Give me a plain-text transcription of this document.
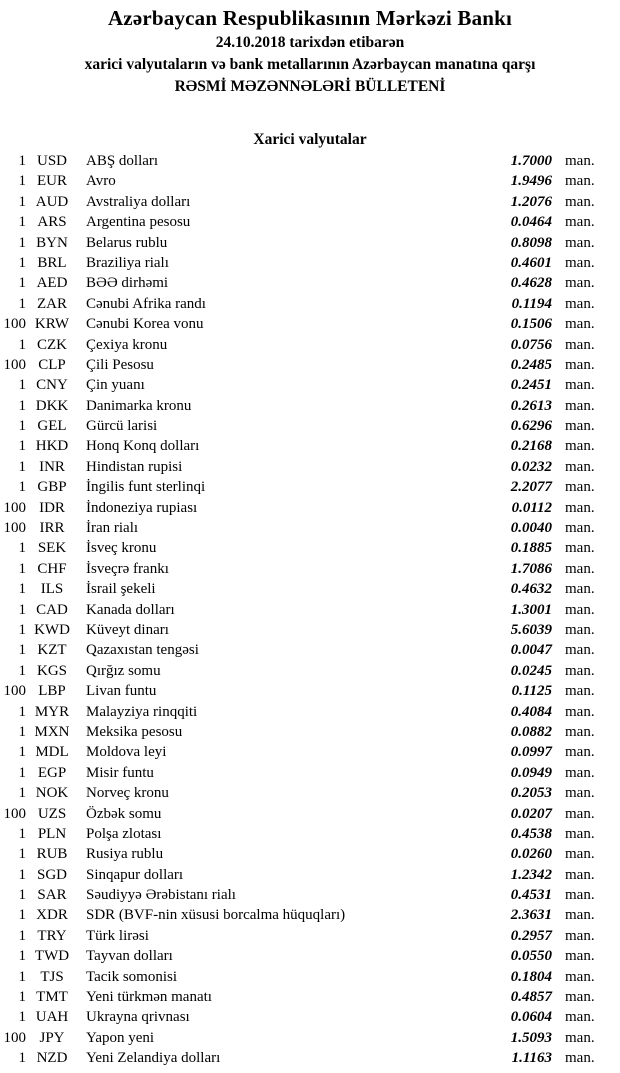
Azərbaycan Respublikasının Mərkəzi Bankı
24.10.2018 tarixdən etibarən
xarici valyutaların və bank metallarının Azərbaycan manatına qarşı
RƏSMİ MƏZƏNNƏLƏRİ BÜLLETENİ
Xarici valyutalar
1 USD	ABŞ dolları	1.7000 man.
1 EUR	Avro	1.9496 man.
1 AUD	Avstraliya dolları	1.2076 man.
1 ARS	Argentina pesosu	0.0464 man.
1 BYN	Belarus rublu	0.8098 man.
1 BRL	Braziliya rialı	0.4601 man.
1 AED	BƏƏ dirhəmi	0.4628 man.
1 ZAR	Cənubi Afrika randı	0.1194 man.
100 KRW	Cənubi Korea vonu	0.1506 man.
1 CZK	Çexiya kronu	0.0756 man.
100 CLP	Çili Pesosu	0.2485 man.
1 CNY	Çin yuanı	0.2451 man.
1 DKK	Danimarka kronu	0.2613 man.
1 GEL	Gürcü larisi	0.6296 man.
1 HKD	Honq Konq dolları	0.2168 man.
1 INR	Hindistan rupisi	0.0232 man.
1 GBP	İngilis funt sterlinqi	2.2077 man.
100 IDR	İndoneziya rupiası	0.0112 man.
100 IRR	İran rialı	0.0040 man.
1 SEK	İsveç kronu	0.1885 man.
1 CHF	İsveçrə frankı	1.7086 man.
1 ILS	İsrail şekeli	0.4632 man.
1 CAD	Kanada dolları	1.3001 man.
1 KWD	Küveyt dinarı	5.6039 man.
1 KZT	Qazaxıstan tengəsi	0.0047 man.
1 KGS	Qırğız somu	0.0245 man.
100 LBP	Livan funtu	0.1125 man.
1 MYR	Malayziya rinqqiti	0.4084 man.
1 MXN	Meksika pesosu	0.0882 man.
1 MDL	Moldova leyi	0.0997 man.
1 EGP	Misir funtu	0.0949 man.
1 NOK	Norveç kronu	0.2053 man.
100 UZS	Özbək somu	0.0207 man.
1 PLN	Polşa zlotası	0.4538 man.
1 RUB	Rusiya rublu	0.0260 man.
1 SGD	Sinqapur dolları	1.2342 man.
1 SAR	Səudiyyə Ərəbistanı rialı	0.4531 man.
1 XDR	SDR (BVF-nin xüsusi borcalma hüquqları)	2.3631 man.
1 TRY	Türk lirəsi	0.2957 man.
1 TWD	Tayvan dolları	0.0550 man.
1 TJS	Tacik somonisi	0.1804 man.
1 TMT	Yeni türkmən manatı	0.4857 man.
1 UAH	Ukrayna qrivnası	0.0604 man.
100 JPY	Yapon yeni	1.5093 man.
1 NZD	Yeni Zelandiya dolları	1.1163 man.
